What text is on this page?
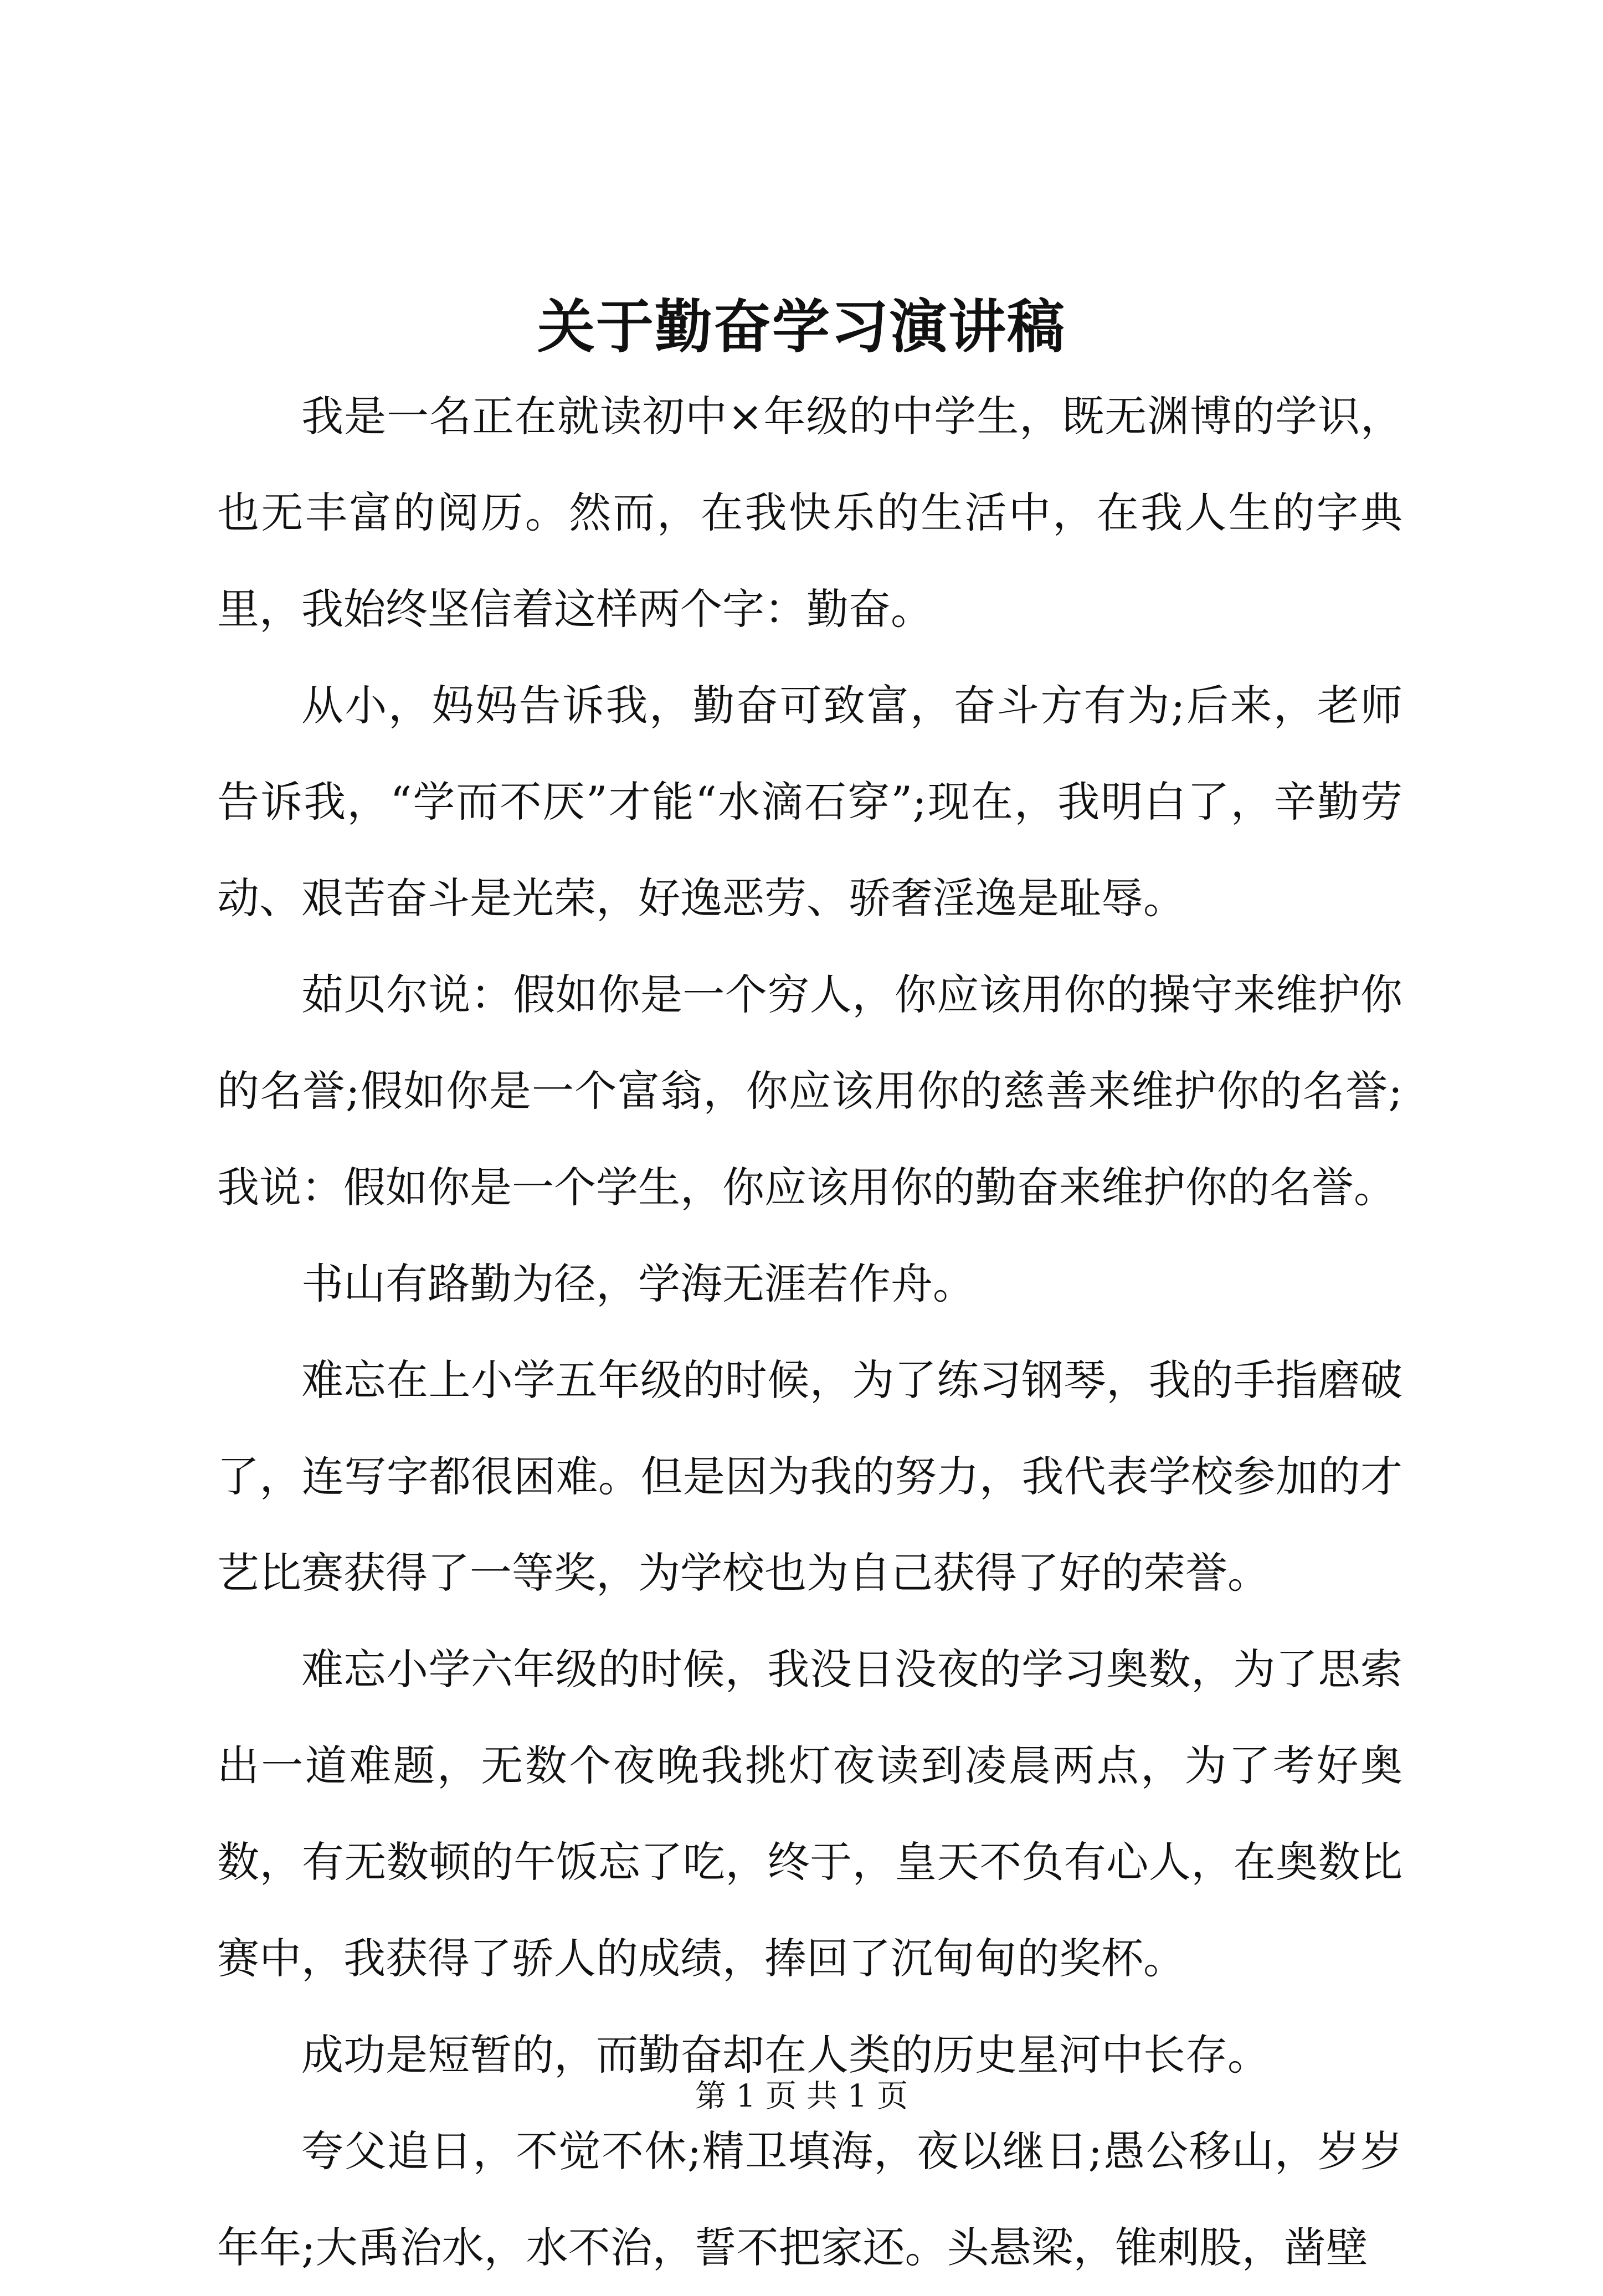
关于勤奋学习演讲稿

我是一名正在就读初中×年级的中学生，既无渊博的学识，也无丰富的阅历。然而，在我快乐的生活中，在我人生的字典里，我始终坚信着这样两个字：勤奋。

从小，妈妈告诉我，勤奋可致富，奋斗方有为;后来，老师告诉我，“学而不厌”才能“水滴石穿”;现在，我明白了，辛勤劳动、艰苦奋斗是光荣，好逸恶劳、骄奢淫逸是耻辱。

茹贝尔说：假如你是一个穷人，你应该用你的操守来维护你的名誉;假如你是一个富翁，你应该用你的慈善来维护你的名誉;我说：假如你是一个学生，你应该用你的勤奋来维护你的名誉。

书山有路勤为径，学海无涯若作舟。

难忘在上小学五年级的时候，为了练习钢琴，我的手指磨破了，连写字都很困难。但是因为我的努力，我代表学校参加的才艺比赛获得了一等奖，为学校也为自己获得了好的荣誉。

难忘小学六年级的时候，我没日没夜的学习奥数，为了思索出一道难题，无数个夜晚我挑灯夜读到凌晨两点，为了考好奥数，有无数顿的午饭忘了吃，终于，皇天不负有心人，在奥数比赛中，我获得了骄人的成绩，捧回了沉甸甸的奖杯。

成功是短暂的，而勤奋却在人类的历史星河中长存。

夸父追日，不觉不休;精卫填海，夜以继日;愚公移山，岁岁年年;大禹治水，水不治，誓不把家还。头悬梁，锥刺股，凿壁

第 1 页 共 1 页
